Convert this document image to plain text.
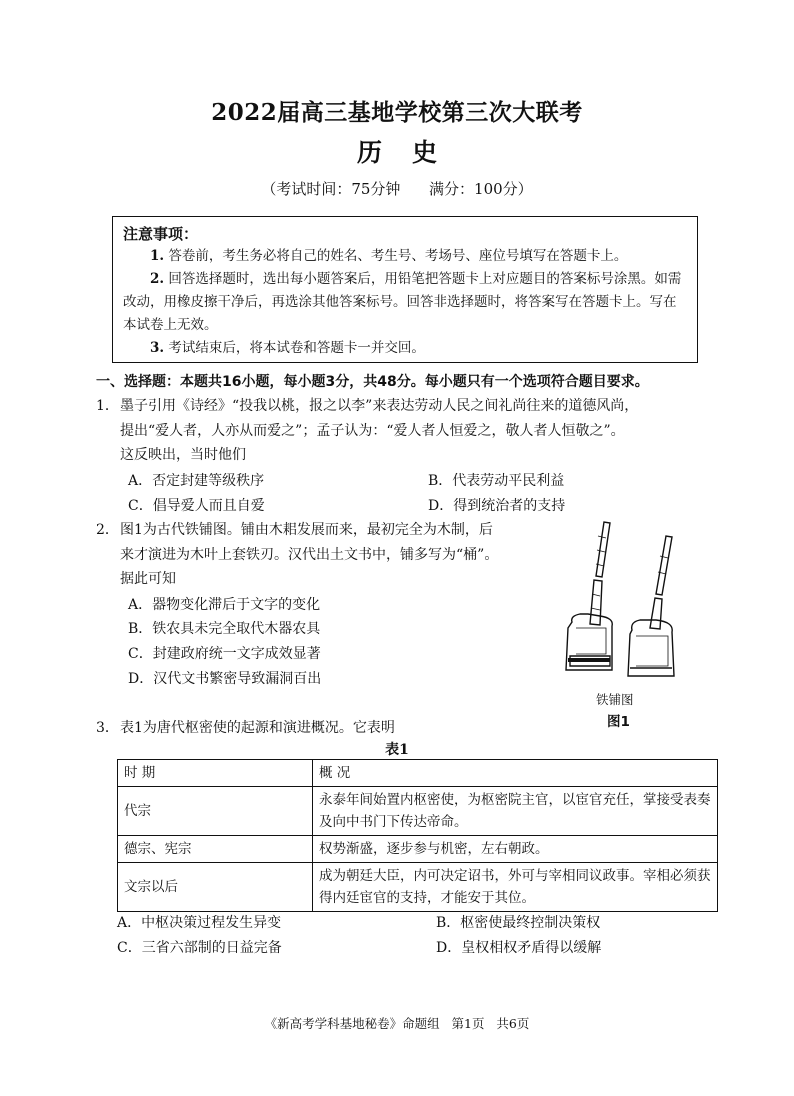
2022届高三基地学校第三次大联考
历史
（考试时间：75分钟      满分：100分）
注意事项：

1. 答卷前，考生务必将自己的姓名、考生号、考场号、座位号填写在答题卡上。

2. 回答选择题时，选出每小题答案后，用铅笔把答题卡上对应题目的答案标号涂黑。如需改动，用橡皮擦干净后，再选涂其他答案标号。回答非选择题时，将答案写在答题卡上。写在本试卷上无效。

3. 考试结束后，将本试卷和答题卡一并交回。

一、选择题：本题共16小题，每小题3分，共48分。每小题只有一个选项符合题目要求。
1． 墨子引用《诗经》“投我以桃，报之以李”来表达劳动人民之间礼尚往来的道德风尚，
提出“爱人者，人亦从而爱之”；孟子认为：“爱人者人恒爱之，敬人者人恒敬之”。
这反映出，当时他们
A．否定封建等级秩序	B．代表劳动平民利益
C．倡导爱人而且自爱	D．得到统治者的支持
2． 图1为古代铁铺图。铺由木耜发展而来，最初完全为木制，后
来才演进为木叶上套铁刃。汉代出土文书中，铺多写为“桶”。
据此可知
A．器物变化滞后于文字的变化
B．铁农具未完全取代木器农具
C．封建政府统一文字成效显著
D．汉代文书繁密导致漏洞百出
铁铺图
图1
3． 表1为唐代枢密使的起源和演进概况。它表明
表1
时 期	概 况
代宗	永泰年间始置内枢密使，为枢密院主官，以宦官充任，掌接受表奏及向中书门下传达帝命。
德宗、宪宗	权势渐盛，逐步参与机密，左右朝政。
文宗以后	成为朝廷大臣，内可决定诏书，外可与宰相同议政事。宰相必须获得内廷宦官的支持，才能安于其位。
A．中枢决策过程发生异变	B．枢密使最终控制决策权
C．三省六部制的日益完备	D．皇权相权矛盾得以缓解
《新高考学科基地秘卷》命题组   第1页   共6页
